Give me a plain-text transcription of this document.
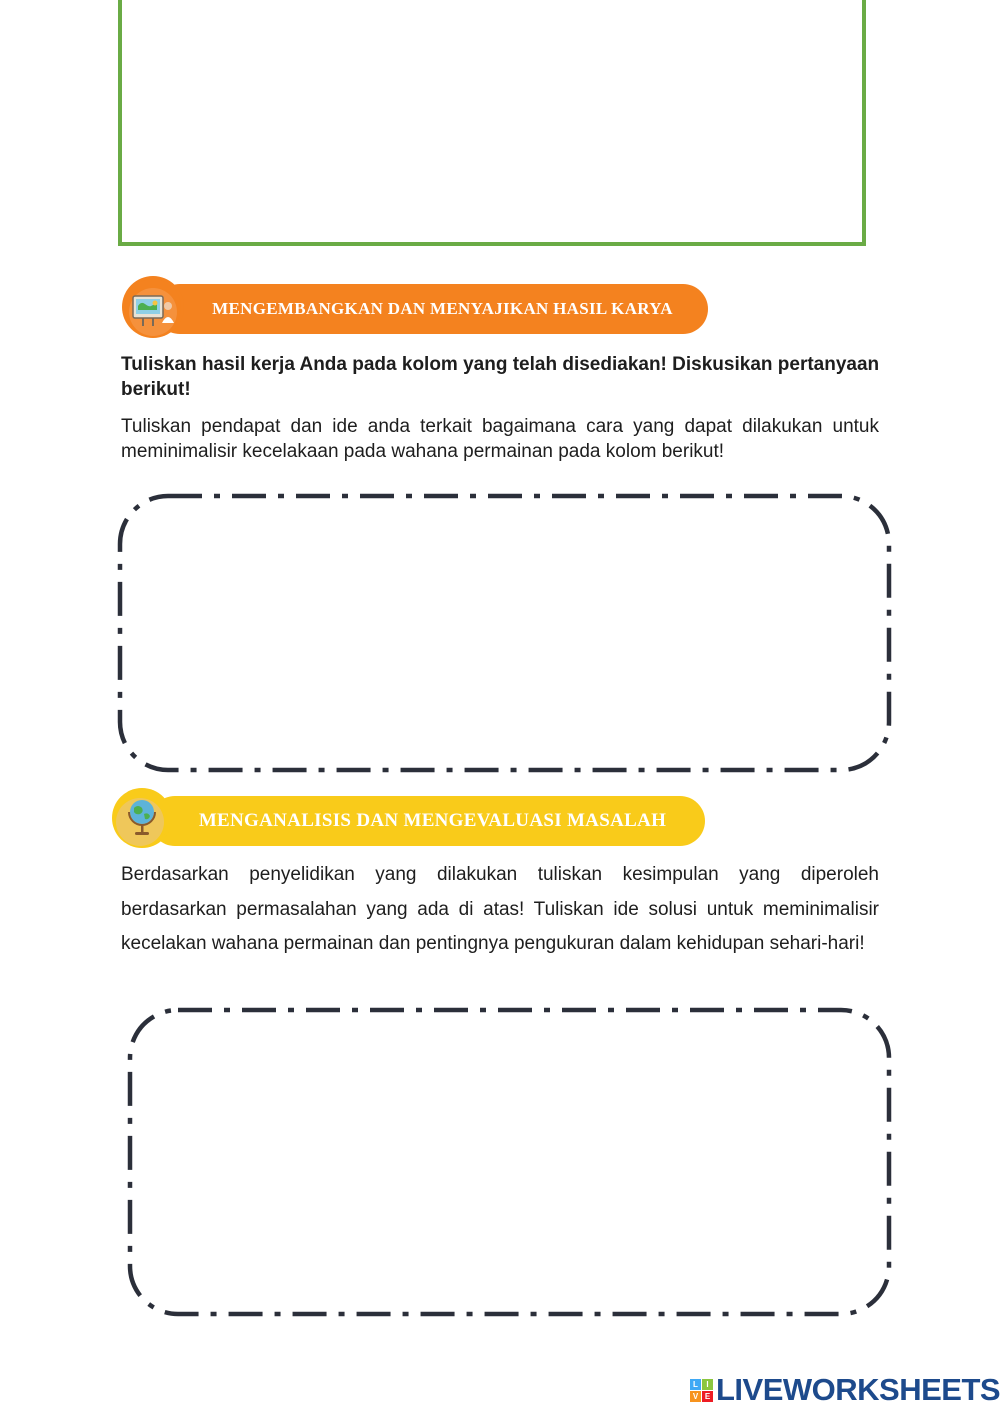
MENGEMBANGKAN DAN MENYAJIKAN HASIL KARYA
Tuliskan hasil kerja Anda pada kolom yang telah disediakan! Diskusikan pertanyaan berikut!
Tuliskan pendapat dan ide anda terkait bagaimana cara yang dapat dilakukan untuk meminimalisir kecelakaan pada wahana permainan pada kolom berikut!
MENGANALISIS DAN MENGEVALUASI MASALAH
Berdasarkan penyelidikan yang dilakukan tuliskan kesimpulan yang diperoleh berdasarkan permasalahan yang ada di atas! Tuliskan ide solusi untuk meminimalisir kecelakan wahana permainan dan pentingnya pengukuran dalam kehidupan sehari-hari!
L	I
V E LIVEWORKSHEETS
